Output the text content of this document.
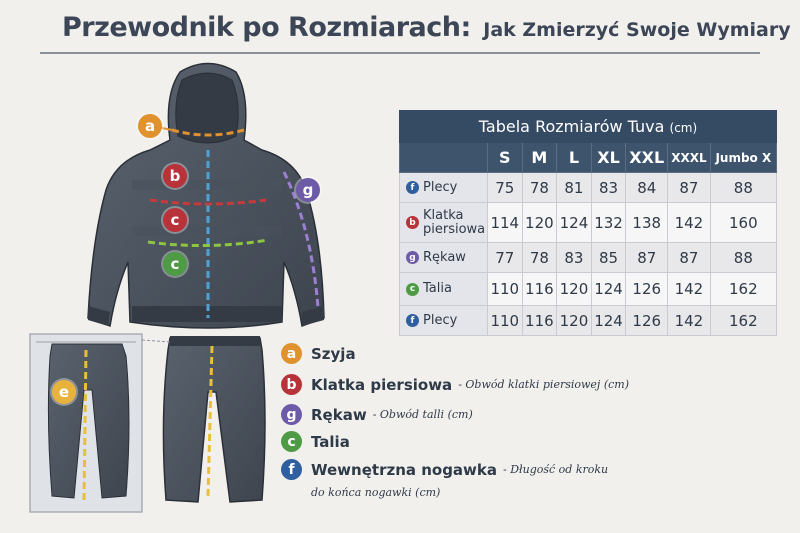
Przewodnik po Rozmiarach: Jak Zmierzyć Swoje Wymiary
a
b
c
c
g
e
Tabela Rozmiarów Tuva (cm)							
	S	M	L	XL	XXL	XXXL	Jumbo X

f Plecy	75	78	81	83	84	87	88

b Klatka
piersiowa	114	120	124	132	138	142	160

g Rękaw	77	78	83	85	87	87	88

c Talia	110	116	120	124	126	142	162

f Plecy	110	116	120	124	126	142	162
a Szyja
b Klatka piersiowa - Obwód klatki piersiowej (cm)
g Rękaw - Obwód talli (cm)
c	Talia
f	Wewnętrzna nogawka - Długość od kroku
do końca nogawki (cm)
